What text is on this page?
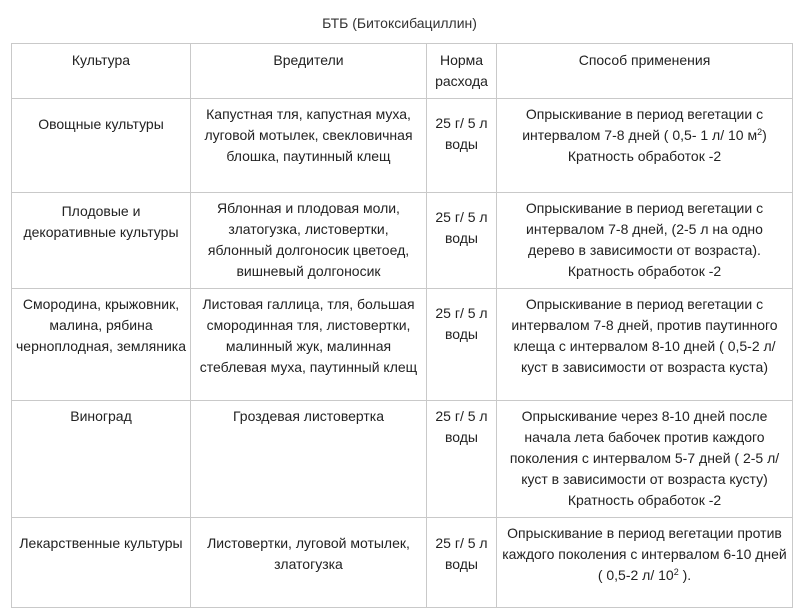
БТБ (Битоксибациллин)
Культура	Вредители	Норма расхода	Способ применения

Овощные культуры	Капустная тля, капустная муха, луговой мотылек, свекловичная блошка, паутинный клещ	25 г/ 5 л воды	Опрыскивание в период вегетации с интервалом 7-8 дней ( 0,5- 1 л/ 10 $м^2$)
Кратность обработок -2

Плодовые и декоративные культуры	Яблонная и плодовая моли, златогузка, листовертки, яблонный долгоносик цветоед, вишневый долгоносик	25 г/ 5 л воды	Опрыскивание в период вегетации с интервалом 7-8 дней, (2-5 л на одно дерево в зависимости от возраста).
Кратность обработок -2

Смородина, крыжовник, малина, рябина черноплодная, земляника	Листовая галлица, тля, большая смородинная тля, листовертки, малинный жук, малинная стеблевая муха, паутинный клещ	25 г/ 5 л воды	Опрыскивание в период вегетации с интервалом 7-8 дней, против паутинного клеща с интервалом 8-10 дней ( 0,5-2 л/ куст в зависимости от возраста куста)

Виноград	Гроздевая листовертка	25 г/ 5 л воды	Опрыскивание через 8-10 дней после начала лета бабочек против каждого поколения с интервалом 5-7 дней ( 2-5 л/ куст в зависимости от возраста кусту)
Кратность обработок -2

Лекарственные культуры	Листовертки, луговой мотылек, златогузка	25 г/ 5 л воды	Опрыскивание в период вегетации против каждого поколения с интервалом 6-10 дней ( 0,5-2 л/ $10^2$ ).
